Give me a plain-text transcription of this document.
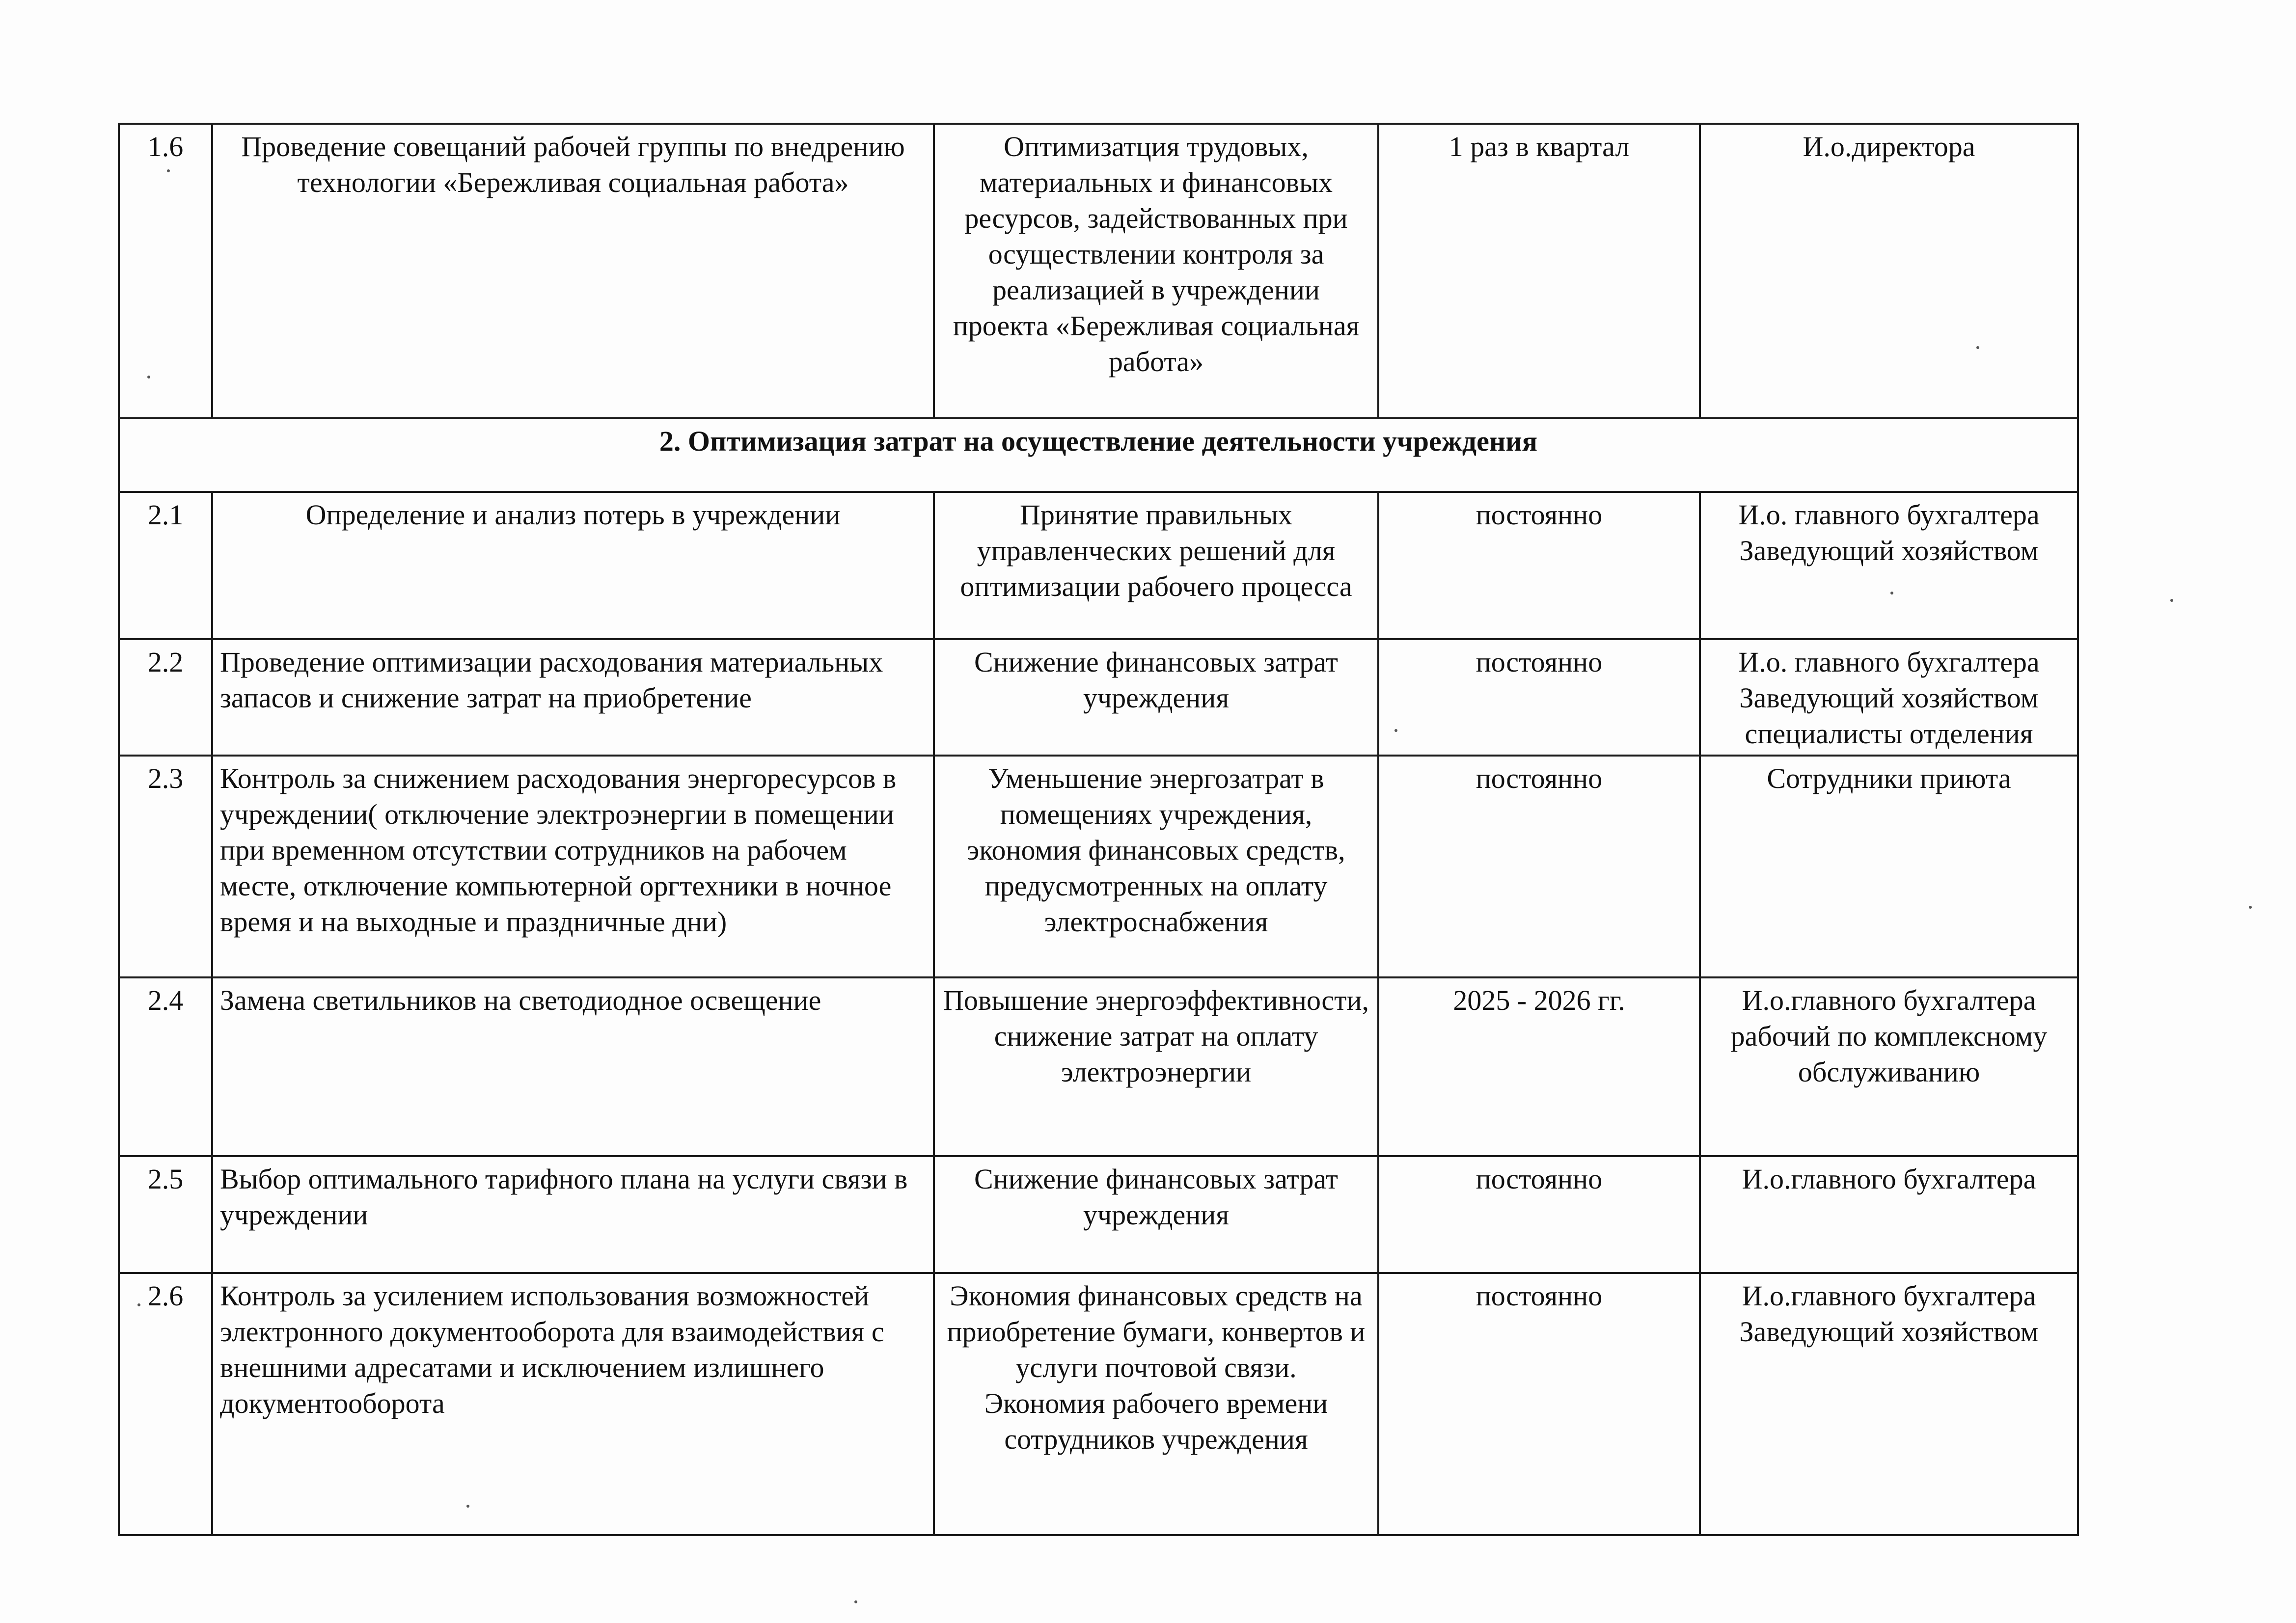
1.6	Проведение совещаний рабочей группы по внедрению технологии «Бережливая социальная работа»	Оптимизатция трудовых, материальных и финансовых ресурсов, задействованных при осуществлении контроля за реализацией в учреждении проекта «Бережливая социальная работа»	1 раз в квартал	И.о.директора
2. Оптимизация затрат на осуществление деятельности учреждения				
2.1	Определение и анализ потерь в учреждении	Принятие правильных управленческих решений для оптимизации рабочего процесса	постоянно	И.о. главного бухгалтера
Заведующий хозяйством
2.2	Проведение оптимизации расходования материальных запасов и снижение затрат на приобретение	Снижение финансовых затрат учреждения	постоянно	И.о. главного бухгалтера
Заведующий хозяйством
специалисты отделения
2.3	Контроль за снижением расходования энергоресурсов в учреждении( отключение электроэнергии в помещении при временном отсутствии сотрудников на рабочем месте, отключение компьютерной оргтехники в ночное время и на выходные и праздничные дни)	Уменьшение энергозатрат в помещениях учреждения, экономия финансовых средств, предусмотренных на оплату электроснабжения	постоянно	Сотрудники приюта
2.4	Замена светильников на светодиодное освещение	Повышение энергоэффективности, снижение затрат на оплату электроэнергии	2025 - 2026 гг.	И.о.главного бухгалтера
рабочий по комплексному обслуживанию
2.5	Выбор оптимального тарифного плана на услуги связи в учреждении	Снижение финансовых затрат учреждения	постоянно	И.о.главного бухгалтера
2.6	Контроль за усилением использования возможностей электронного документооборота для взаимодействия с внешними адресатами и исключением излишнего документооборота	Экономия финансовых средств на приобретение бумаги, конвертов и услуги почтовой связи.
Экономия рабочего времени сотрудников учреждения	постоянно	И.о.главного бухгалтера
Заведующий хозяйством
